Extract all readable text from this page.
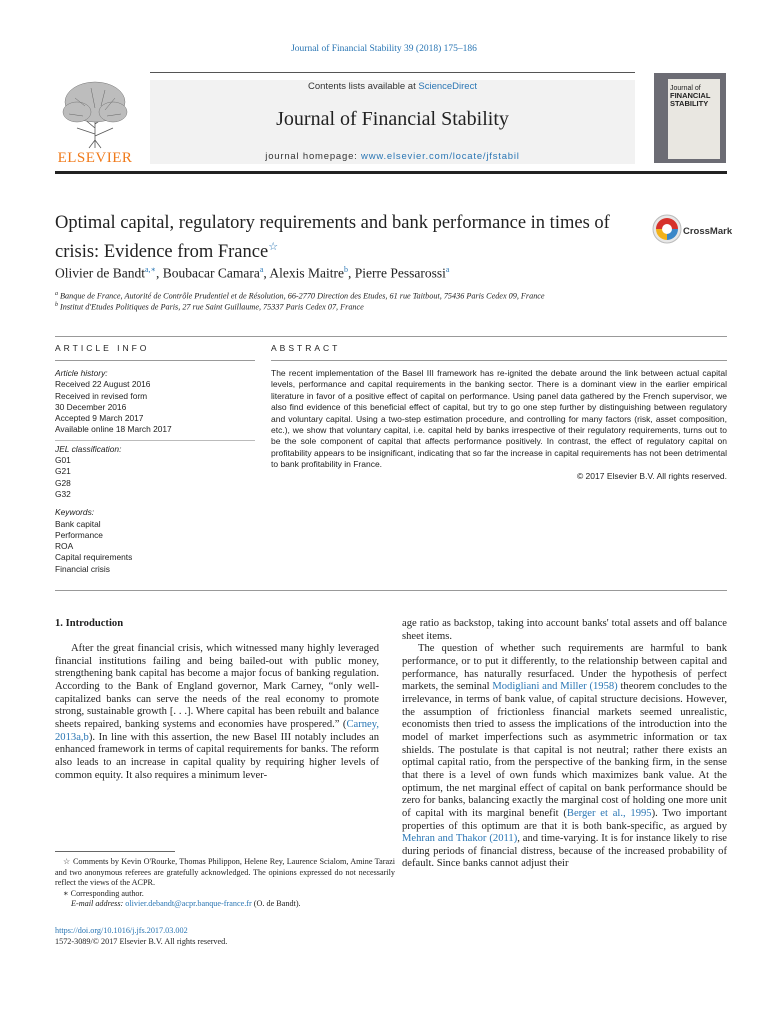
Journal of Financial Stability 39 (2018) 175–186
Contents lists available at ScienceDirect
Journal of Financial Stability
journal homepage: www.elsevier.com/locate/jfstabil
ELSEVIER
Journal of
FINANCIAL
STABILITY
Optimal capital, regulatory requirements and bank performance in times of crisis: Evidence from France☆
CrossMark
Olivier de Bandt$^{a,∗}$, Boubacar Camara$^a$, Alexis Maitre$^b$, Pierre Pessarossi$^a$
$^a$ Banque de France, Autorité de Contrôle Prudentiel et de Résolution, 66-2770 Direction des Etudes, 61 rue Taitbout, 75436 Paris Cedex 09, France
$^b$ Institut d'Etudes Politiques de Paris, 27 rue Saint Guillaume, 75337 Paris Cedex 07, France
ARTICLE INFO	ABSTRACT
Article history:
Received 22 August 2016
Received in revised form
30 December 2016
Accepted 9 March 2017
Available online 18 March 2017
JEL classification:
G01
G21
G28
G32
Keywords:
Bank capital
Performance
ROA
Capital requirements
Financial crisis
The recent implementation of the Basel III framework has re-ignited the debate around the link between actual capital levels, performance and capital requirements in the banking sector. There is a dominant view in the earlier empirical literature in favor of a positive effect of capital on performance. Using panel data gathered by the French supervisor, we also find evidence of this beneficial effect of capital, but try to go one step further by distinguishing between regulatory and voluntary capital. Using a two-step estimation procedure, and controlling for many factors (risk, asset composition, etc.), we show that voluntary capital, i.e. capital held by banks irrespective of their regulatory requirements, turns out to be the sole component of capital that affects performance positively. In contrast, the effect of regulatory capital on profitability appears to be insignificant, indicating that so far the increase in capital requirements has not been detrimental to bank profitability in France.
© 2017 Elsevier B.V. All rights reserved.
1. Introduction

After the great financial crisis, which witnessed many highly leveraged financial institutions failing and being bailed-out with public money, strengthening bank capital has become a major focus of banking regulation. According to the Bank of England governor, Mark Carney, “only well-capitalized banks can serve the needs of the real economy to promote strong, sustainable growth [. . .]. Where capital has been rebuilt and balance sheets repaired, banking systems and economies have prospered.” (Carney, 2013a,b). In line with this assertion, the new Basel III notably includes an enhanced framework in terms of capital requirements for banks. The reform also leads to an increase in capital quality by requiring higher levels of common equity. It also requires a minimum lever-

age ratio as backstop, taking into account banks' total assets and off balance sheet items.

The question of whether such requirements are harmful to bank performance, or to put it differently, to the relationship between capital and performance, has naturally resurfaced. Under the hypothesis of perfect markets, the seminal Modigliani and Miller (1958) theorem concludes to the irrelevance, in terms of bank value, of capital structure decisions. However, the assumption of frictionless financial markets seemed unrealistic, economists then tried to assess the implications of the introduction into the model of market imperfections such as asymmetric information or tax shields. The postulate is that capital is not neutral; rather there exists an optimal capital ratio, from the perspective of the banking firm, in the sense that there is a level of own funds which maximizes bank value. At the optimum, the net marginal effect of capital on bank performance should be zero for banks, balancing exactly the marginal cost of holding one more unit of capital with its marginal benefit (Berger et al., 1995). Two important properties of this optimum are that it is both bank-specific, as argued by Mehran and Thakor (2011), and time-varying. It is for instance likely to rise during periods of financial distress, because of the increased probability of default. Since banks cannot adjust their

☆ Comments by Kevin O'Rourke, Thomas Philippon, Helene Rey, Laurence Scialom, Amine Tarazi and two anonymous referees are gratefully acknowledged. The opinions expressed do not necessarily reflect the views of the ACPR.
∗ Corresponding author.
E-mail address: olivier.debandt@acpr.banque-france.fr (O. de Bandt).
https://doi.org/10.1016/j.jfs.2017.03.002
1572-3089/© 2017 Elsevier B.V. All rights reserved.
